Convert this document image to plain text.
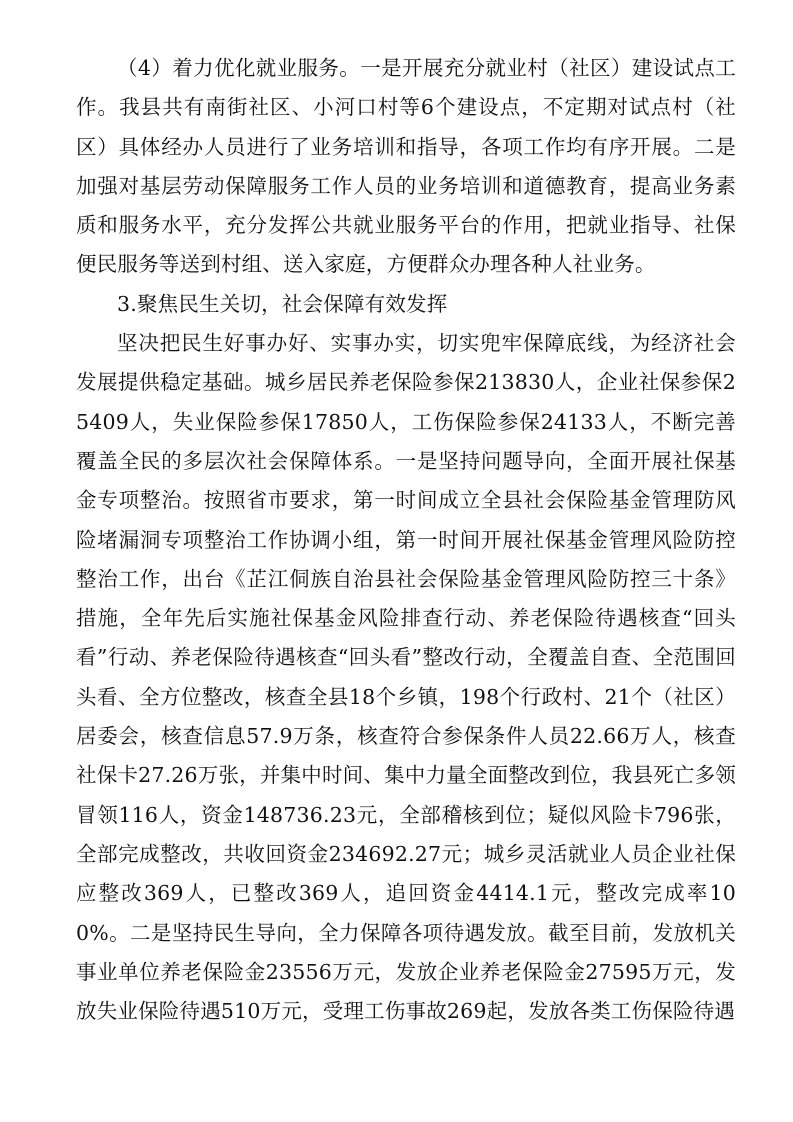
（4）着力优化就业服务。一是开展充分就业村（社区）建设试点工作。我县共有南街社区、小河口村等6个建设点，不定期对试点村（社区）具体经办人员进行了业务培训和指导，各项工作均有序开展。二是加强对基层劳动保障服务工作人员的业务培训和道德教育，提高业务素质和服务水平，充分发挥公共就业服务平台的作用，把就业指导、社保便民服务等送到村组、送入家庭，方便群众办理各种人社业务。

3.聚焦民生关切，社会保障有效发挥

坚决把民生好事办好、实事办实，切实兜牢保障底线，为经济社会发展提供稳定基础。城乡居民养老保险参保213830人，企业社保参保25409人，失业保险参保17850人，工伤保险参保24133人，不断完善覆盖全民的多层次社会保障体系。一是坚持问题导向，全面开展社保基金专项整治。按照省市要求，第一时间成立全县社会保险基金管理防风险堵漏洞专项整治工作协调小组，第一时间开展社保基金管理风险防控整治工作，出台《芷江侗族自治县社会保险基金管理风险防控三十条》措施，全年先后实施社保基金风险排查行动、养老保险待遇核查“回头看”行动、养老保险待遇核查“回头看”整改行动，全覆盖自查、全范围回头看、全方位整改，核查全县18个乡镇，198个行政村、21个（社区）居委会，核查信息57.9万条，核查符合参保条件人员22.66万人，核查社保卡27.26万张，并集中时间、集中力量全面整改到位，我县死亡多领冒领116人，资金148736.23元，全部稽核到位；疑似风险卡796张，全部完成整改，共收回资金234692.27元；城乡灵活就业人员企业社保应整改369人，已整改369人，追回资金4414.1元，整改完成率100%。二是坚持民生导向，全力保障各项待遇发放。截至目前，发放机关事业单位养老保险金23556万元，发放企业养老保险金27595万元，发放失业保险待遇510万元，受理工伤事故269起，发放各类工伤保险待遇
